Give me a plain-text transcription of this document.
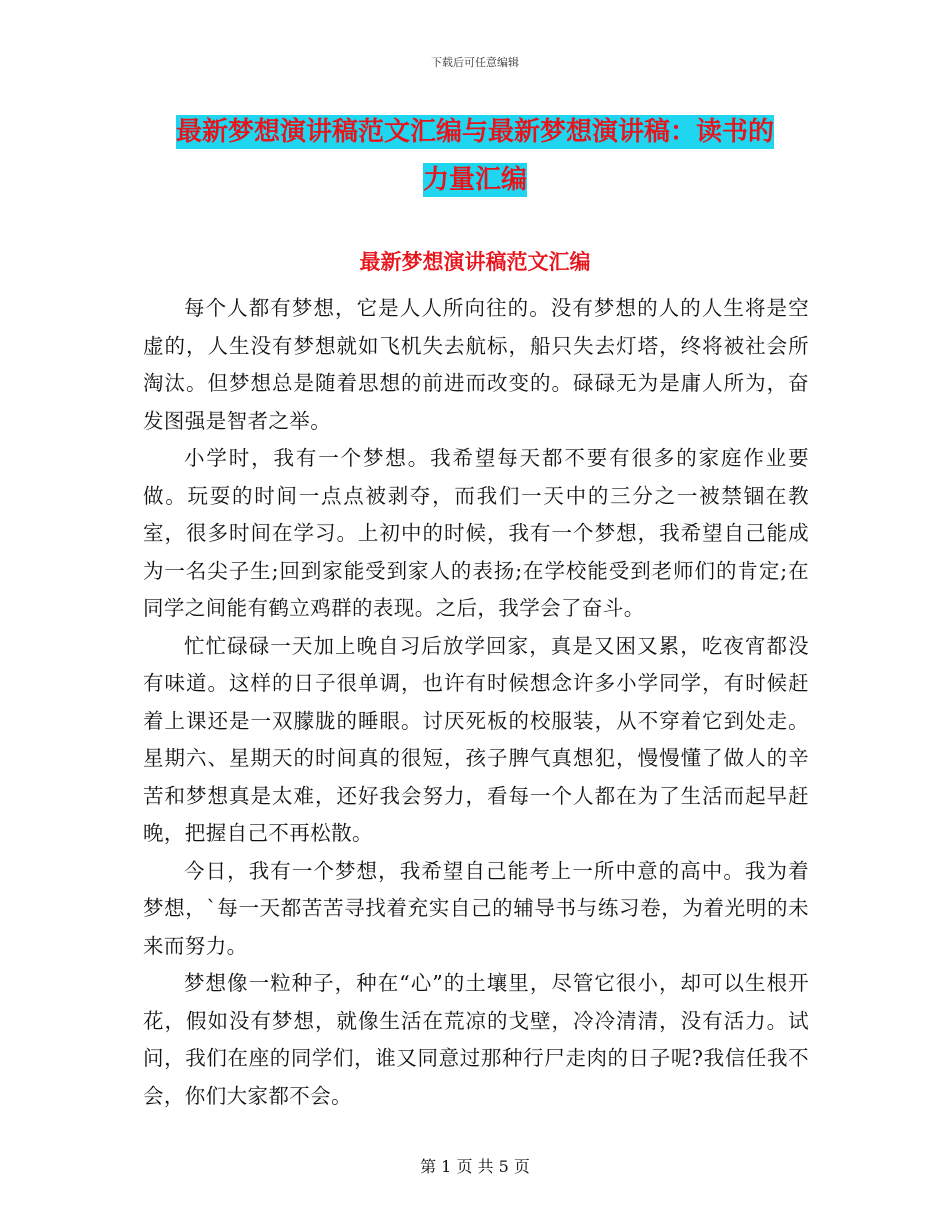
下载后可任意编辑
最新梦想演讲稿范文汇编与最新梦想演讲稿：读书的
力量汇编
最新梦想演讲稿范文汇编

每个人都有梦想，它是人人所向往的。没有梦想的人的人生将是空虚的，人生没有梦想就如飞机失去航标，船只失去灯塔，终将被社会所淘汰。但梦想总是随着思想的前进而改变的。碌碌无为是庸人所为，奋发图强是智者之举。

小学时，我有一个梦想。我希望每天都不要有很多的家庭作业要做。玩耍的时间一点点被剥夺，而我们一天中的三分之一被禁锢在教室，很多时间在学习。上初中的时候，我有一个梦想，我希望自己能成为一名尖子生;回到家能受到家人的表扬;在学校能受到老师们的肯定;在同学之间能有鹤立鸡群的表现。之后，我学会了奋斗。

忙忙碌碌一天加上晚自习后放学回家，真是又困又累，吃夜宵都没有味道。这样的日子很单调，也许有时候想念许多小学同学，有时候赶着上课还是一双朦胧的睡眼。讨厌死板的校服装，从不穿着它到处走。星期六、星期天的时间真的很短，孩子脾气真想犯，慢慢懂了做人的辛苦和梦想真是太难，还好我会努力，看每一个人都在为了生活而起早赶晚，把握自己不再松散。

今日，我有一个梦想，我希望自己能考上一所中意的高中。我为着梦想，`每一天都苦苦寻找着充实自己的辅导书与练习卷，为着光明的未来而努力。

梦想像一粒种子，种在“心”的土壤里，尽管它很小，却可以生根开花，假如没有梦想，就像生活在荒凉的戈壁，冷冷清清，没有活力。试问，我们在座的同学们，谁又同意过那种行尸走肉的日子呢?我信任我不会，你们大家都不会。

第 1 页 共 5 页
